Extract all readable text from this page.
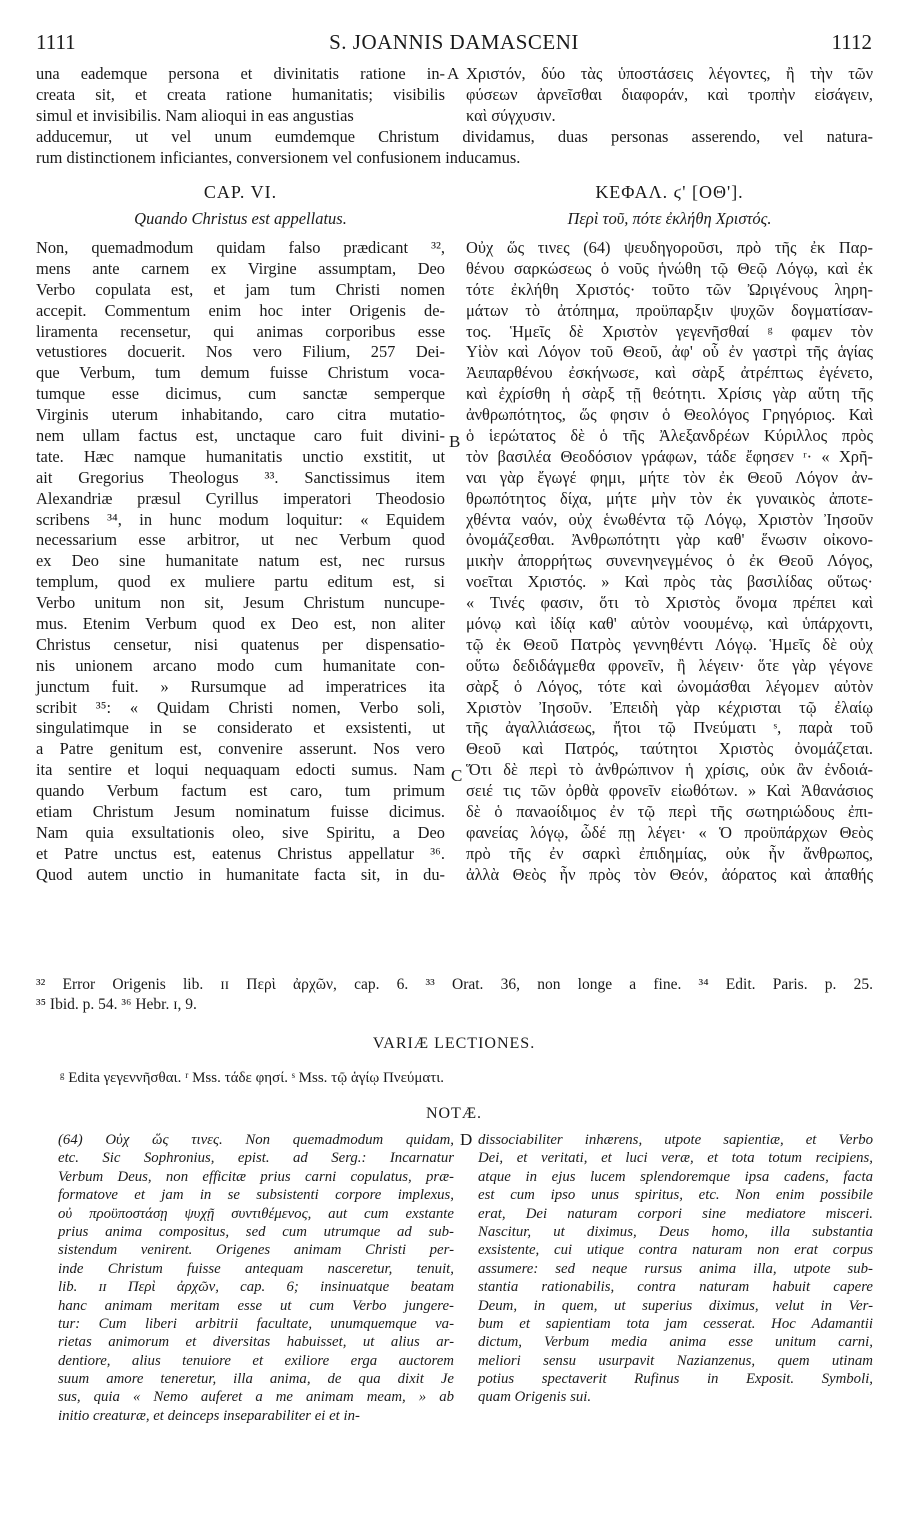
1111	S. JOANNIS DAMASCENI	1112
A
B
C
D
una eademque persona et divinitatis ratione in-
creata sit, et creata ratione humanitatis; visibilis
simul et invisibilis. Nam alioqui in eas angustias
Χριστόν, δύο τὰς ὑποστάσεις λέγοντες, ἢ τὴν τῶν
φύσεων ἀρνεῖσθαι διαφοράν, καὶ τροπὴν εἰσάγειν,
καὶ σύγχυσιν.
adducemur, ut vel unum eumdemque Christum dividamus, duas personas asserendo, vel naturа-
rum distinctionem inficiantes, conversionem vel confusionem inducamus.
CAP. VI.	ΚΕΦΑΛ. ϛ' [ΟΘ'].
Quando Christus est appellatus.	Περὶ τοῦ, πότε ἐκλήθη Χριστός.
Non, quemadmodum quidam falso prædicant ³²,
mens ante carnem ex Virgine assumptam, Deo
Verbo copulata est, et jam tum Christi nomen
accepit. Commentum enim hoc inter Origenis de-
liramenta recensetur, qui animas corporibus esse
vetustiores docuerit. Nos vero Filium, 257 Dei-
que Verbum, tum demum fuisse Christum voca-
tumque esse dicimus, cum sanctæ semperque
Virginis uterum inhabitando, caro citra mutatio-
nem ullam factus est, unctaque caro fuit divini-
tate. Hæc namque humanitatis unctio exstitit, ut
ait Gregorius Theologus ³³. Sanctissimus item
Alexandriæ præsul Cyrillus imperatori Theodosio
scribens ³⁴, in hunc modum loquitur: « Equidem
necessarium esse arbitror, ut nec Verbum quod
ex Deo sine humanitate natum est, nec rursus
templum, quod ex muliere partu editum est, si
Verbo unitum non sit, Jesum Christum nuncupe-
mus. Etenim Verbum quod ex Deo est, non aliter
Christus censetur, nisi quatenus per dispensatio-
nis unionem arcano modo cum humanitate con-
junctum fuit. » Rursumque ad imperatrices ita
scribit ³⁵: « Quidam Christi nomen, Verbo soli,
singulatimque in se considerato et exsistenti, ut
a Patre genitum est, convenire asserunt. Nos vero
ita sentire et loqui nequaquam edocti sumus. Nam
quando Verbum factum est caro, tum primum
etiam Christum Jesum nominatum fuisse dicimus.
Nam quia exsultationis oleo, sive Spiritu, a Deo
et Patre unctus est, eatenus Christus appellatur ³⁶.
Quod autem unctio in humanitate facta sit, in du-
Οὐχ ὥς τινες (64) ψευδηγοροῦσι, πρὸ τῆς ἐκ Παρ-
θένου σαρκώσεως ὁ νοῦς ἡνώθη τῷ Θεῷ Λόγῳ, καὶ ἐκ
τότε ἐκλήθη Χριστός· τοῦτο τῶν Ὠριγένους ληρη-
μάτων τὸ ἀτόπημα, προϋπαρξιν ψυχῶν δογματίσαν-
τος. Ἡμεῖς δὲ Χριστὸν γεγενῆσθαί ᵍ φαμεν τὸν
Υἱὸν καὶ Λόγον τοῦ Θεοῦ, ἀφ' οὗ ἐν γαστρὶ τῆς ἁγίας
Ἀειπαρθένου ἐσκήνωσε, καὶ σὰρξ ἀτρέπτως ἐγένετο,
καὶ ἐχρίσθη ἡ σὰρξ τῇ θεότητι. Χρίσις γὰρ αὕτη τῆς
ἀνθρωπότητος, ὥς φησιν ὁ Θεολόγος Γρηγόριος. Καὶ
ὁ ἱερώτατος δὲ ὁ τῆς Ἀλεξανδρέων Κύριλλος πρὸς
τὸν βασιλέα Θεοδόσιον γράφων, τάδε ἔφησεν ʳ· « Χρῆ-
ναι γὰρ ἔγωγέ φημι, μήτε τὸν ἐκ Θεοῦ Λόγον ἀν-
θρωπότητος δίχα, μήτε μὴν τὸν ἐκ γυναικὸς ἀποτε-
χθέντα ναόν, οὐχ ἑνωθέντα τῷ Λόγῳ, Χριστὸν Ἰησοῦν
ὀνομάζεσθαι. Ἀνθρωπότητι γὰρ καθ' ἕνωσιν οἰκονο-
μικὴν ἀπορρήτως συνενηνεγμένος ὁ ἐκ Θεοῦ Λόγος,
νοεῖται Χριστός. » Καὶ πρὸς τὰς βασιλίδας οὕτως·
« Τινές φασιν, ὅτι τὸ Χριστὸς ὄνομα πρέπει καὶ
μόνῳ καὶ ἰδίᾳ καθ' αὑτὸν νοουμένῳ, καὶ ὑπάρχοντι,
τῷ ἐκ Θεοῦ Πατρὸς γεννηθέντι Λόγῳ. Ἡμεῖς δὲ οὐχ
οὕτω δεδιδάγμεθα φρονεῖν, ἢ λέγειν· ὅτε γὰρ γέγονε
σὰρξ ὁ Λόγος, τότε καὶ ὠνομάσθαι λέγομεν αὐτὸν
Χριστὸν Ἰησοῦν. Ἐπειδὴ γὰρ κέχρισται τῷ ἐλαίῳ
τῆς ἀγαλλιάσεως, ἤτοι τῷ Πνεύματι ˢ, παρὰ τοῦ
Θεοῦ καὶ Πατρός, ταύτητοι Χριστὸς ὀνομάζεται.
Ὅτι δὲ περὶ τὸ ἀνθρώπινον ἡ χρίσις, οὐκ ἂν ἐνδοιά-
σειέ τις τῶν ὀρθὰ φρονεῖν εἰωθότων. » Καὶ Ἀθανάσιος
δὲ ὁ πανaοίδιμος ἐν τῷ περὶ τῆς σωτηριώδους ἐπι-
φανείας λόγῳ, ὧδέ πῃ λέγει· « Ὁ προϋπάρχων Θεὸς
πρὸ τῆς ἐν σαρκὶ ἐπιδημίας, οὐκ ἦν ἄνθρωπος,
ἀλλὰ Θεὸς ἦν πρὸς τὸν Θεόν, ἀόρατος καὶ ἀπαθής
³² Error Origenis lib. ɪɪ Περὶ ἀρχῶν, cap. 6. ³³ Orat. 36, non longe a fine. ³⁴ Edit. Paris. p. 25.
³⁵ Ibid. p. 54. ³⁶ Hebr. ɪ, 9.
VARIÆ LECTIONES.
ᵍ Edita γεγεννῆσθαι. ʳ Mss. τάδε φησί. ˢ Mss. τῷ ἁγίῳ Πνεύματι.
NOTÆ.
(64) Οὐχ ὥς τινες. Non quemadmodum quidam,
etc. Sic Sophronius, epist. ad Serg.: Incarnatur
Verbum Deus, non efficitæ prius carni copulatus, præ-
formatove et jam in se subsistenti corpore implexus,
οὐ προϋποστάσῃ ψυχῇ συντιθέμενος, aut cum exstante
prius anima compositus, sed cum utrumque ad sub-
sistendum venirent. Origenes animam Christi per-
inde Christum fuisse antequam nasceretur, tenuit,
lib. ɪɪ Περὶ ἀρχῶν, cap. 6; insinuatque beatam
hanc animam meritam esse ut cum Verbo jungere-
tur: Cum liberi arbitrii facultate, unumquemque va-
rietas animorum et diversitas habuisset, ut alius ar-
dentiore, alius tenuiore et exiliore erga auctorem
suum amore teneretur, illa anima, de qua dixit Je
sus, quia « Nemo auferet a me animam meam, » ab
initio creaturæ, et deinceps inseparabiliter ei et in-
dissociabiliter inhærens, utpote sapientiæ, et Verbo
Dei, et veritati, et luci veræ, et tota totum recipiens,
atque in ejus lucem splendoremque ipsa cadens, facta
est cum ipso unus spiritus, etc. Non enim possibile
erat, Dei naturam corpori sine mediatore misceri.
Nascitur, ut diximus, Deus homo, illa substantia
exsistente, cui utique contra naturam non erat corpus
assumere: sed neque rursus anima illa, utpote sub-
stantia rationabilis, contra naturam habuit capere
Deum, in quem, ut superius diximus, velut in Ver-
bum et sapientiam tota jam cesserat. Hoc Adamantii
dictum, Verbum media anima esse unitum carni,
meliori sensu usurpavit Nazianzenus, quem utinam
potius spectaverit Rufinus in Exposit. Symboli,
quam Origenis sui.
